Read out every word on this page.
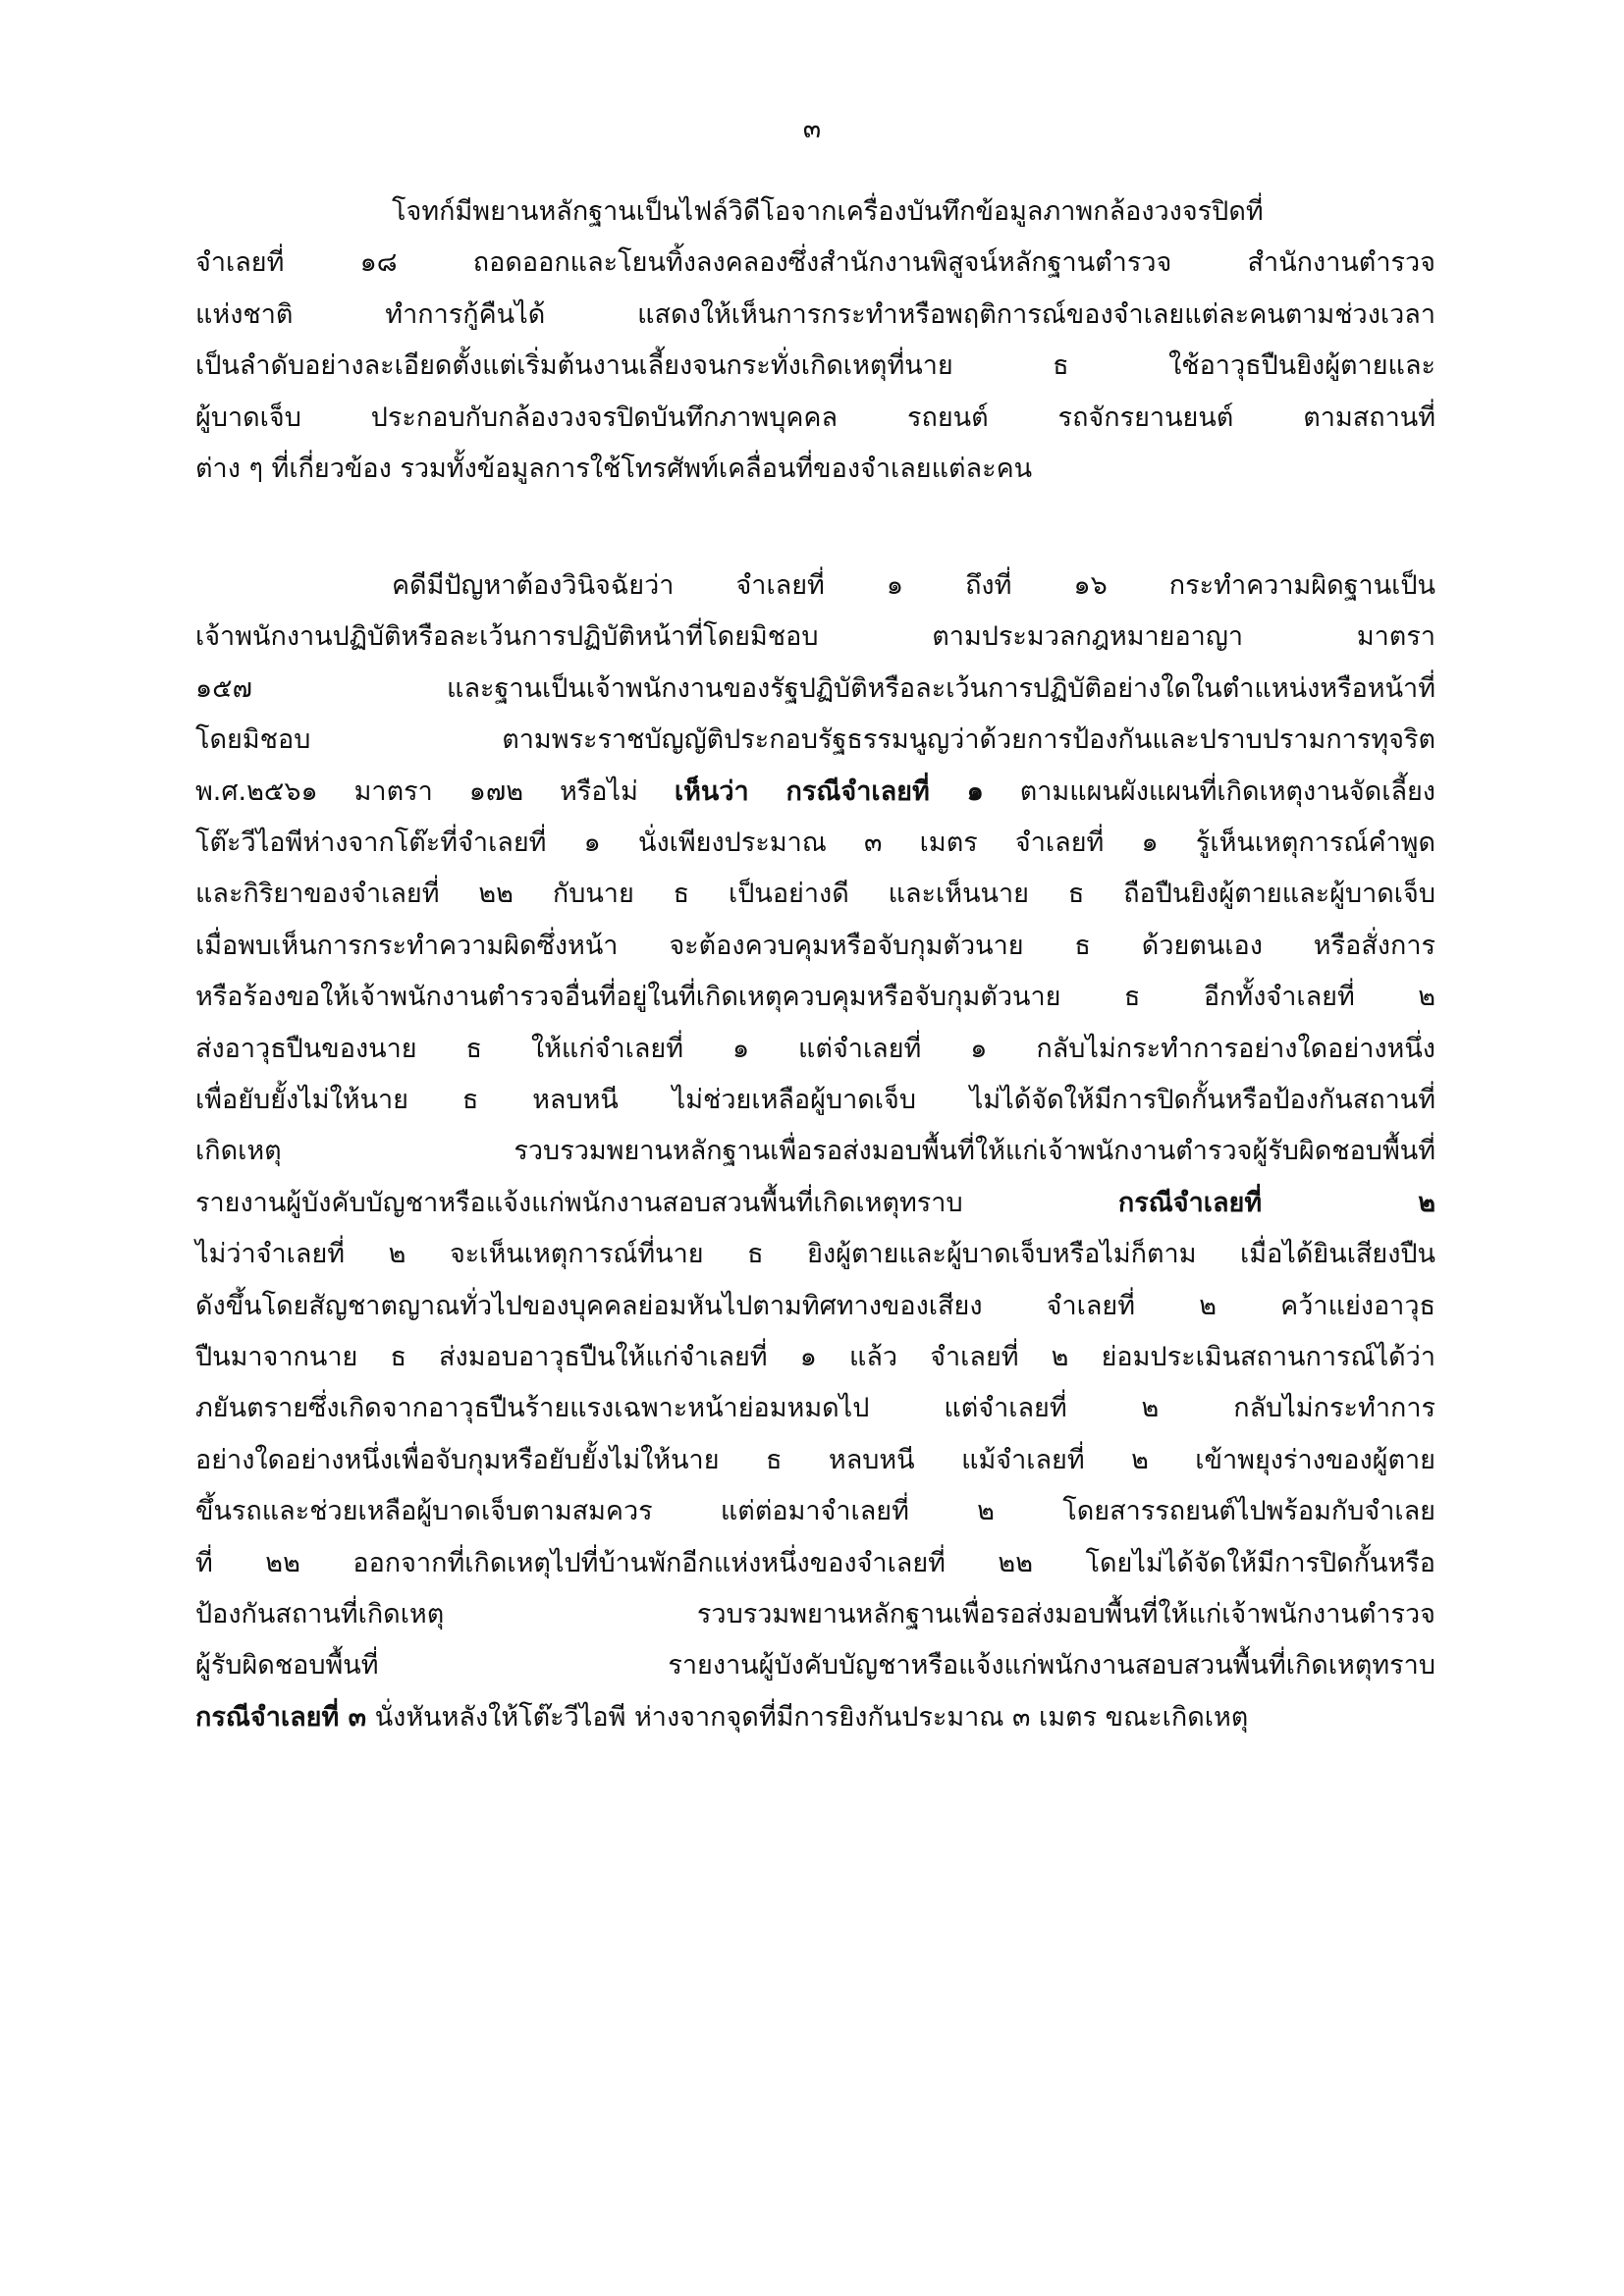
๓
โจทก์มีพยานหลักฐานเป็นไฟล์วิดีโอจากเครื่องบันทึกข้อมูลภาพกล้องวงจรปิดที่
จำเลยที่ ๑๘ ถอดออกและโยนทิ้งลงคลองซึ่งสำนักงานพิสูจน์หลักฐานตำรวจ สำนักงานตำรวจ
แห่งชาติ ทำการกู้คืนได้ แสดงให้เห็นการกระทำหรือพฤติการณ์ของจำเลยแต่ละคนตามช่วงเวลา
เป็นลำดับอย่างละเอียดตั้งแต่เริ่มต้นงานเลี้ยงจนกระทั่งเกิดเหตุที่นาย ธ ใช้อาวุธปืนยิงผู้ตายและ
ผู้บาดเจ็บ ประกอบกับกล้องวงจรปิดบันทึกภาพบุคคล รถยนต์ รถจักรยานยนต์ ตามสถานที่
ต่าง ๆ ที่เกี่ยวข้อง รวมทั้งข้อมูลการใช้โทรศัพท์เคลื่อนที่ของจำเลยแต่ละคน
คดีมีปัญหาต้องวินิจฉัยว่า จำเลยที่ ๑ ถึงที่ ๑๖ กระทำความผิดฐานเป็น
เจ้าพนักงานปฏิบัติหรือละเว้นการปฏิบัติหน้าที่โดยมิชอบ ตามประมวลกฎหมายอาญา มาตรา
๑๕๗ และฐานเป็นเจ้าพนักงานของรัฐปฏิบัติหรือละเว้นการปฏิบัติอย่างใดในตำแหน่งหรือหน้าที่
โดยมิชอบ ตามพระราชบัญญัติประกอบรัฐธรรมนูญว่าด้วยการป้องกันและปราบปรามการทุจริต
พ.ศ.๒๕๖๑ มาตรา ๑๗๒ หรือไม่ เห็นว่า กรณีจำเลยที่ ๑ ตามแผนผังแผนที่เกิดเหตุงานจัดเลี้ยง
โต๊ะวีไอพีห่างจากโต๊ะที่จำเลยที่ ๑ นั่งเพียงประมาณ ๓ เมตร จำเลยที่ ๑ รู้เห็นเหตุการณ์คำพูด
และกิริยาของจำเลยที่ ๒๒ กับนาย ธ เป็นอย่างดี และเห็นนาย ธ ถือปืนยิงผู้ตายและผู้บาดเจ็บ
เมื่อพบเห็นการกระทำความผิดซึ่งหน้า จะต้องควบคุมหรือจับกุมตัวนาย ธ ด้วยตนเอง หรือสั่งการ
หรือร้องขอให้เจ้าพนักงานตำรวจอื่นที่อยู่ในที่เกิดเหตุควบคุมหรือจับกุมตัวนาย ธ อีกทั้งจำเลยที่ ๒
ส่งอาวุธปืนของนาย ธ ให้แก่จำเลยที่ ๑ แต่จำเลยที่ ๑ กลับไม่กระทำการอย่างใดอย่างหนึ่ง
เพื่อยับยั้งไม่ให้นาย ธ หลบหนี ไม่ช่วยเหลือผู้บาดเจ็บ ไม่ได้จัดให้มีการปิดกั้นหรือป้องกันสถานที่
เกิดเหตุ รวบรวมพยานหลักฐานเพื่อรอส่งมอบพื้นที่ให้แก่เจ้าพนักงานตำรวจผู้รับผิดชอบพื้นที่
รายงานผู้บังคับบัญชาหรือแจ้งแก่พนักงานสอบสวนพื้นที่เกิดเหตุทราบ กรณีจำเลยที่ ๒
ไม่ว่าจำเลยที่ ๒ จะเห็นเหตุการณ์ที่นาย ธ ยิงผู้ตายและผู้บาดเจ็บหรือไม่ก็ตาม เมื่อได้ยินเสียงปืน
ดังขึ้นโดยสัญชาตญาณทั่วไปของบุคคลย่อมหันไปตามทิศทางของเสียง จำเลยที่ ๒ คว้าแย่งอาวุธ
ปืนมาจากนาย ธ ส่งมอบอาวุธปืนให้แก่จำเลยที่ ๑ แล้ว จำเลยที่ ๒ ย่อมประเมินสถานการณ์ได้ว่า
ภยันตรายซึ่งเกิดจากอาวุธปืนร้ายแรงเฉพาะหน้าย่อมหมดไป แต่จำเลยที่ ๒ กลับไม่กระทำการ
อย่างใดอย่างหนึ่งเพื่อจับกุมหรือยับยั้งไม่ให้นาย ธ หลบหนี แม้จำเลยที่ ๒ เข้าพยุงร่างของผู้ตาย
ขึ้นรถและช่วยเหลือผู้บาดเจ็บตามสมควร แต่ต่อมาจำเลยที่ ๒ โดยสารรถยนต์ไปพร้อมกับจำเลย
ที่ ๒๒ ออกจากที่เกิดเหตุไปที่บ้านพักอีกแห่งหนึ่งของจำเลยที่ ๒๒ โดยไม่ได้จัดให้มีการปิดกั้นหรือ
ป้องกันสถานที่เกิดเหตุ รวบรวมพยานหลักฐานเพื่อรอส่งมอบพื้นที่ให้แก่เจ้าพนักงานตำรวจ
ผู้รับผิดชอบพื้นที่ รายงานผู้บังคับบัญชาหรือแจ้งแก่พนักงานสอบสวนพื้นที่เกิดเหตุทราบ
กรณีจำเลยที่ ๓ นั่งหันหลังให้โต๊ะวีไอพี ห่างจากจุดที่มีการยิงกันประมาณ ๓ เมตร ขณะเกิดเหตุ
